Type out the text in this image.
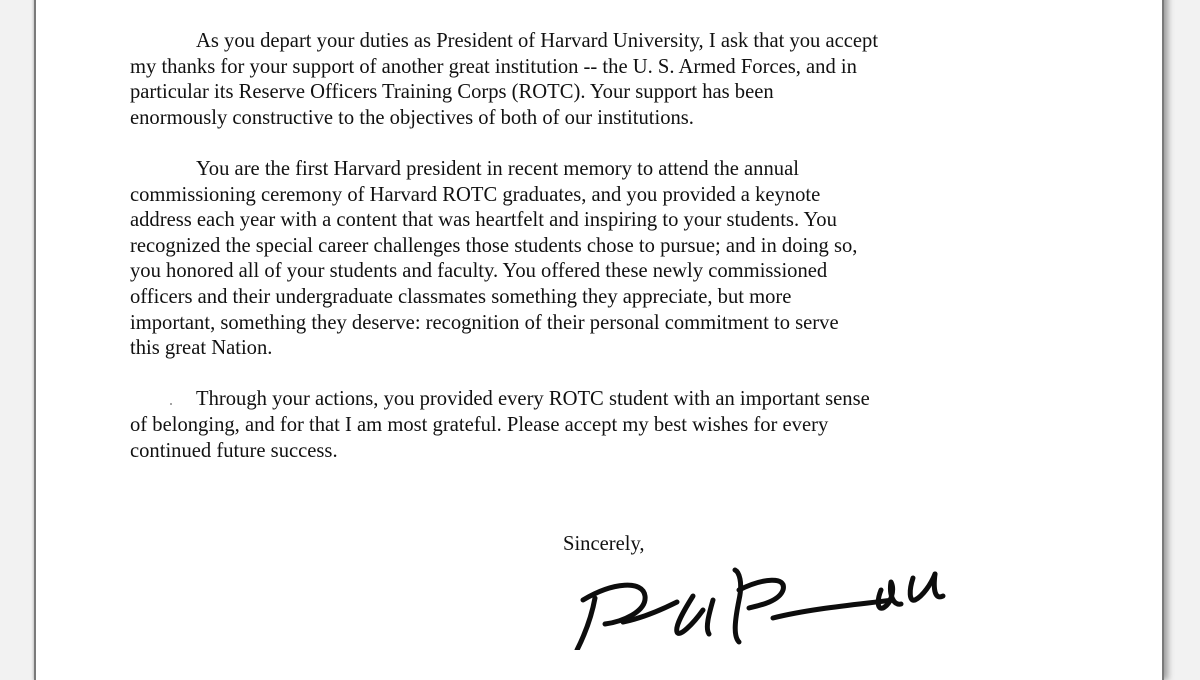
As you depart your duties as President of Harvard University, I ask that you accept
my thanks for your support of another great institution -- the U. S. Armed Forces, and in
particular its Reserve Officers Training Corps (ROTC). Your support has been
enormously constructive to the objectives of both of our institutions.

You are the first Harvard president in recent memory to attend the annual
commissioning ceremony of Harvard ROTC graduates, and you provided a keynote
address each year with a content that was heartfelt and inspiring to your students. You
recognized the special career challenges those students chose to pursue; and in doing so,
you honored all of your students and faculty. You offered these newly commissioned
officers and their undergraduate classmates something they appreciate, but more
important, something they deserve: recognition of their personal commitment to serve
this great Nation.

Through your actions, you provided every ROTC student with an important sense
of belonging, and for that I am most grateful. Please accept my best wishes for every
continued future success.

Sincerely,
